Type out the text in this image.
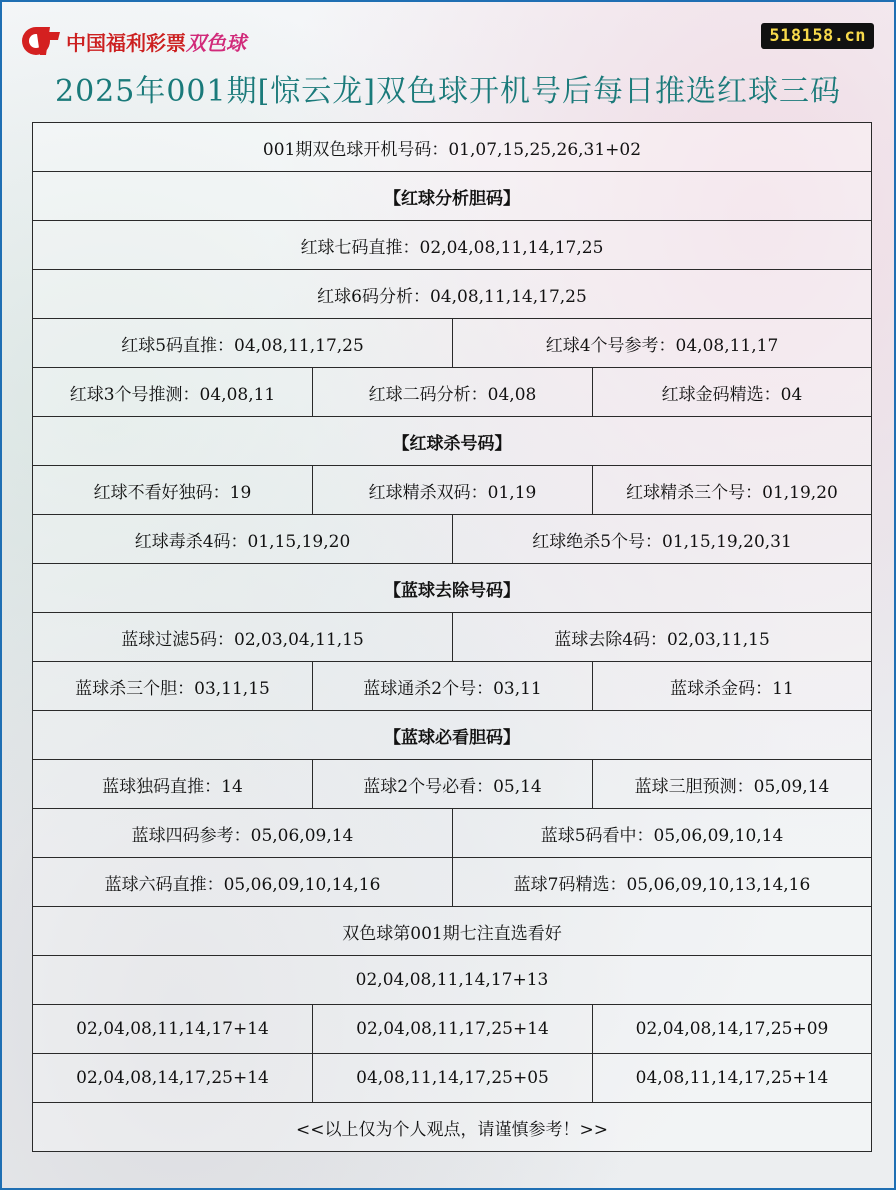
中国福利彩票双色球	518158.cn
2025年001期[惊云龙]双色球开机号后每日推选红球三码
001期双色球开机号码：01,07,15,25,26,31+02
【红球分析胆码】
红球七码直推：02,04,08,11,14,17,25
红球6码分析：04,08,11,14,17,25
红球5码直推：04,08,11,17,25	红球4个号参考：04,08,11,17
红球3个号推测：04,08,11	红球二码分析：04,08	红球金码精选：04
【红球杀号码】
红球不看好独码：19	红球精杀双码：01,19	红球精杀三个号：01,19,20
红球毒杀4码：01,15,19,20	红球绝杀5个号：01,15,19,20,31
【蓝球去除号码】
蓝球过滤5码：02,03,04,11,15	蓝球去除4码：02,03,11,15
蓝球杀三个胆：03,11,15	蓝球通杀2个号：03,11	蓝球杀金码：11
【蓝球必看胆码】
蓝球独码直推：14	蓝球2个号必看：05,14	蓝球三胆预测：05,09,14
蓝球四码参考：05,06,09,14	蓝球5码看中：05,06,09,10,14
蓝球六码直推：05,06,09,10,14,16	蓝球7码精选：05,06,09,10,13,14,16
双色球第001期七注直选看好
02,04,08,11,14,17+13
02,04,08,11,14,17+14	02,04,08,11,17,25+14	02,04,08,14,17,25+09
02,04,08,14,17,25+14	04,08,11,14,17,25+05	04,08,11,14,17,25+14
<<以上仅为个人观点，请谨慎参考！>>
